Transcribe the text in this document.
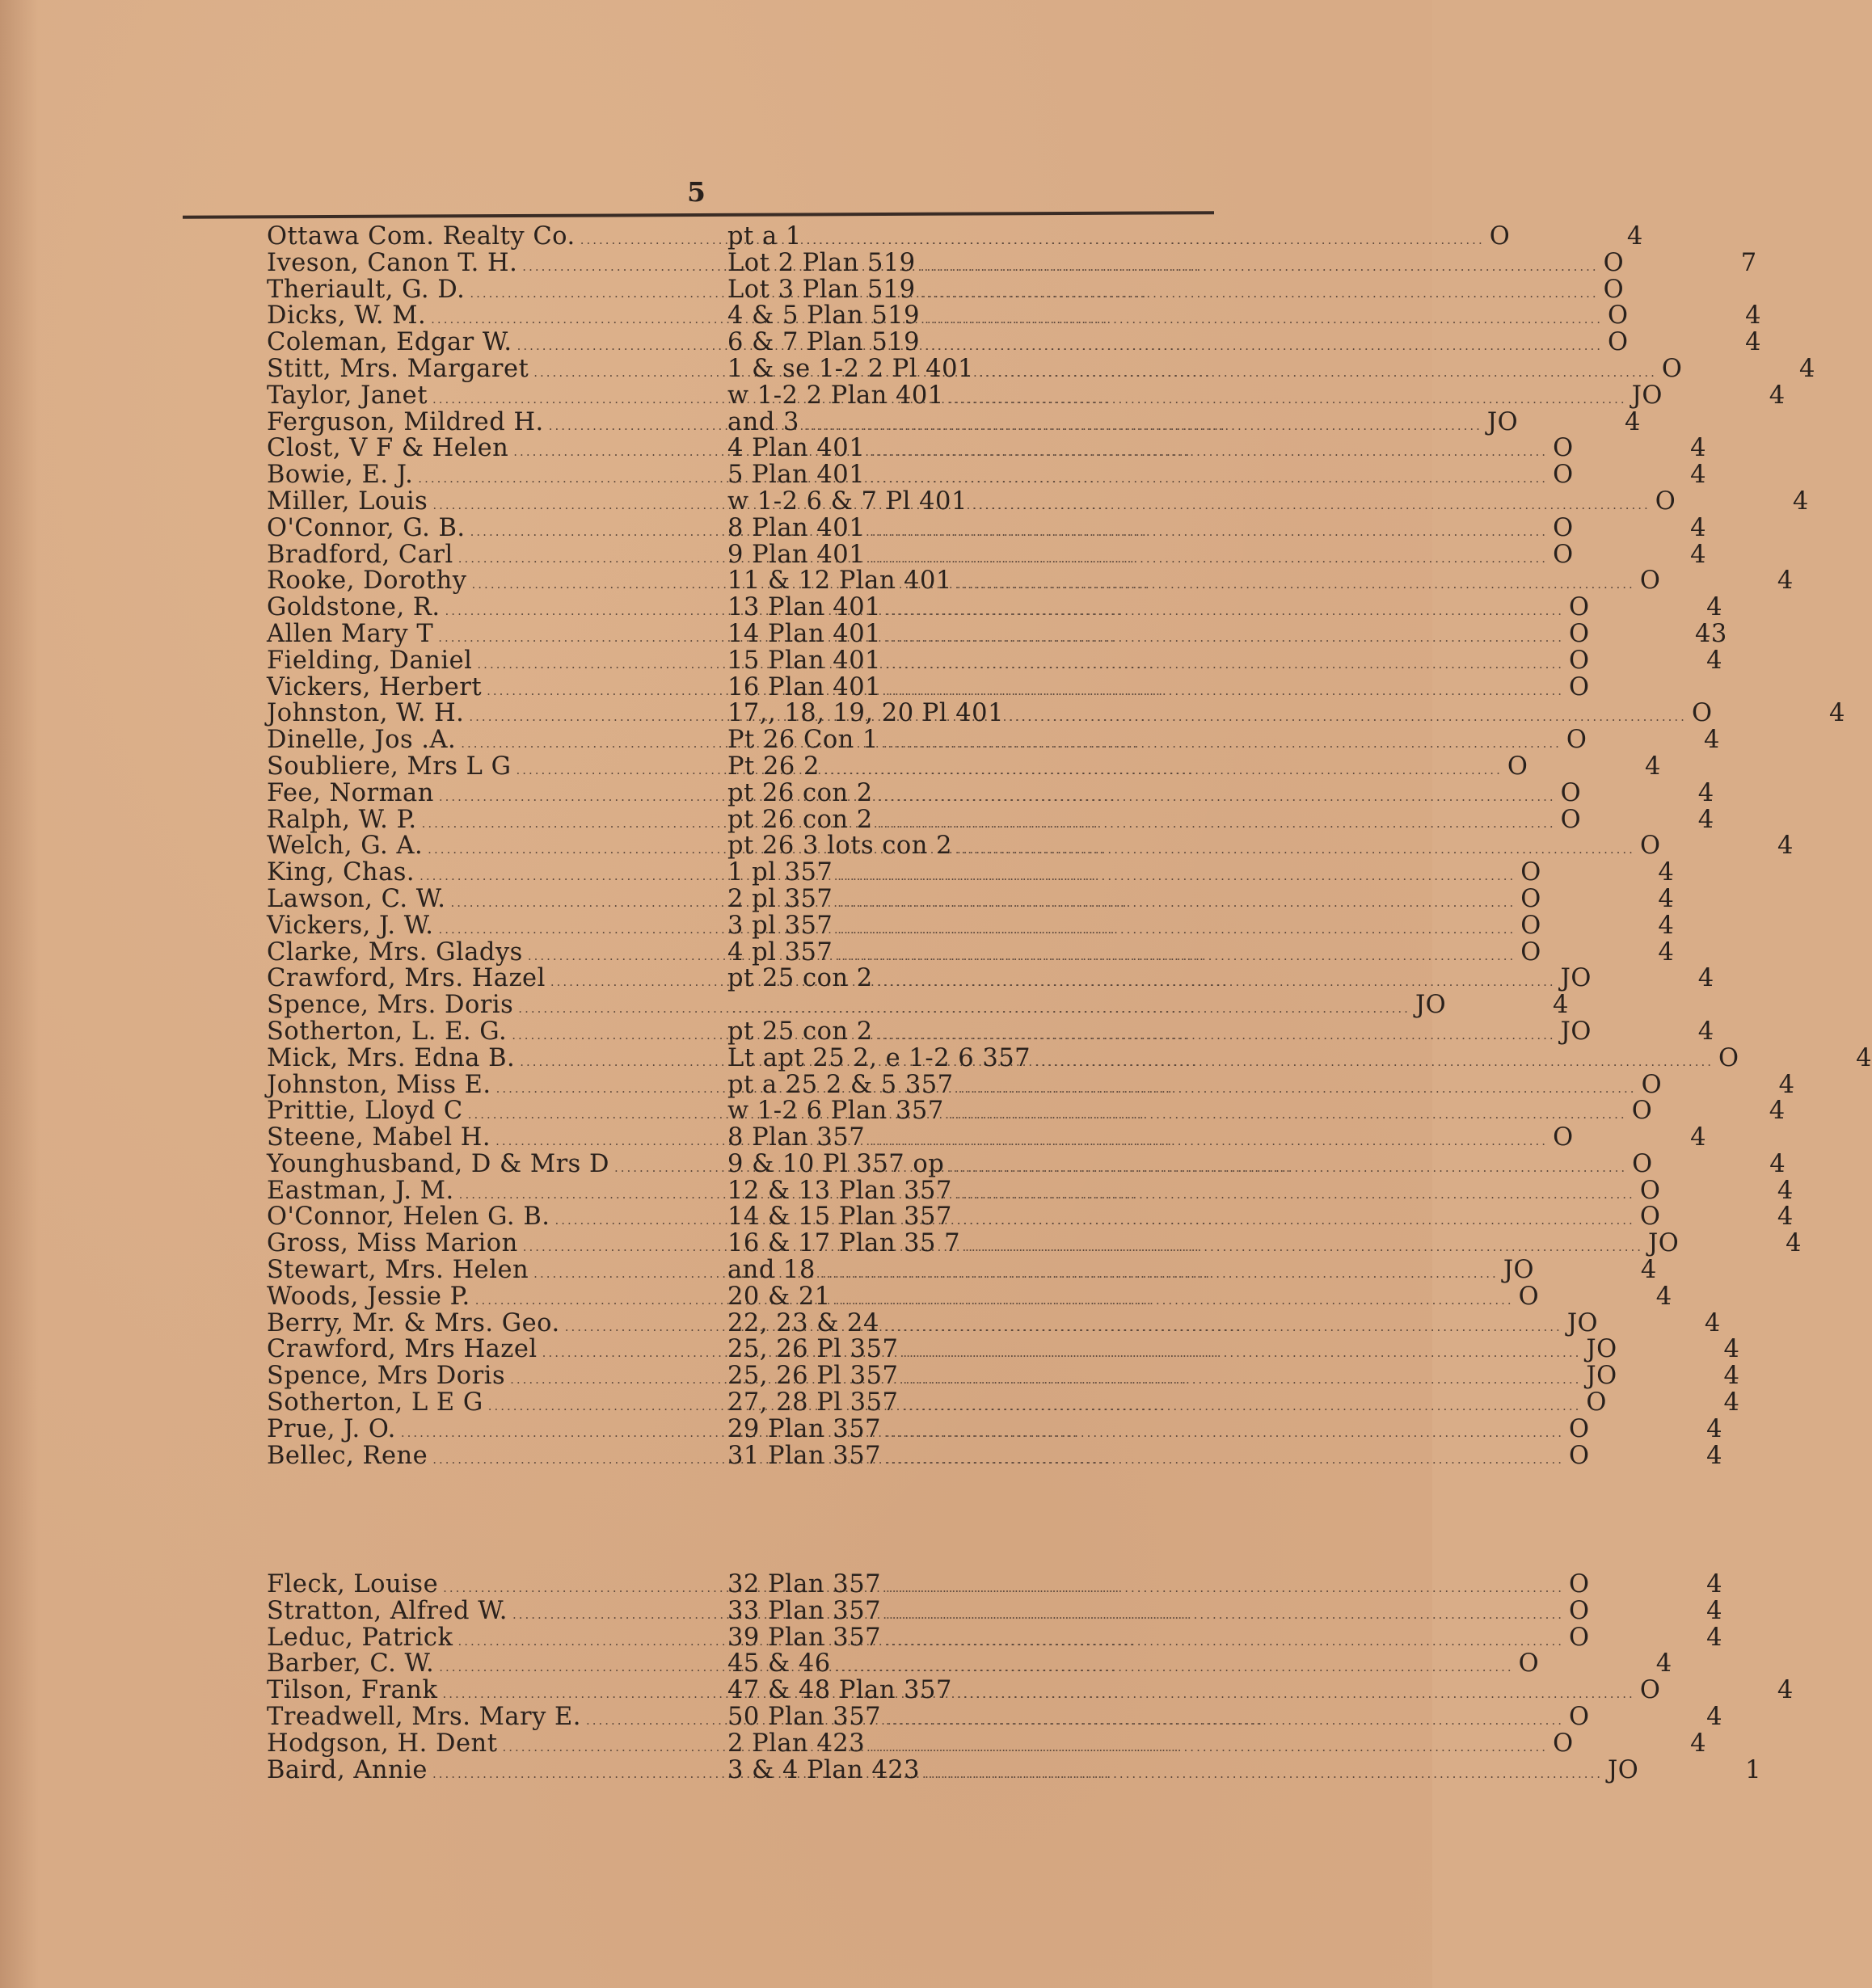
5
Ottawa Com. Realty Co. .....	pt a 1 .....	O	4
Iveson, Canon T. H. .....	Lot 2 Plan 519 .....	O	7
Theriault, G. D. .....	Lot 3 Plan 519 .....	O
Dicks, W. M. .....	4 & 5 Plan 519 .....	O	4
Coleman, Edgar W. .....	6 & 7 Plan 519 .....	O	4
Stitt, Mrs. Margaret .....	1 & se 1-2 2 Pl 401 .....	O	4
Taylor, Janet .....	w 1-2 2 Plan 401 .....	JO	4
Ferguson, Mildred H. .....	and 3 .....	JO	4
Clost, V F & Helen .....	4 Plan 401 .....	O	4
Bowie, E. J. .....	5 Plan 401 .....	O	4
Miller, Louis .....	w 1-2 6 & 7 Pl 401 .....	O	4
O'Connor, G. B. .....	8 Plan 401 .....	O	4
Bradford, Carl .....	9 Plan 401 .....	O	4
Rooke, Dorothy .....	11 & 12 Plan 401 .....	O	4
Goldstone, R. .....	13 Plan 401 .....	O	4
Allen Mary T .....	14 Plan 401 .....	O	43
Fielding, Daniel .....	15 Plan 401 .....	O	4
Vickers, Herbert .....	16 Plan 401 .....	O
Johnston, W. H. .....	17,, 18, 19, 20 Pl 401 .....	O	4
Dinelle, Jos .A. .....	Pt 26 Con 1 .....	O	4
Soubliere, Mrs L G .....	Pt 26 2 .....	O	4
Fee, Norman .....	pt 26 con 2 .....	O	4
Ralph, W. P. .....	pt 26 con 2 .....	O	4
Welch, G. A. .....	pt 26 3 lots con 2 .....	O	4
King, Chas. .....	1 pl 357 .....	O	4
Lawson, C. W. .....	2 pl 357 .....	O	4
Vickers, J. W. .....	3 pl 357 .....	O	4
Clarke, Mrs. Gladys .....	4 pl 357 .....	O	4
Crawford, Mrs. Hazel .....	pt 25 con 2 .....	JO	4
Spence, Mrs. Doris ..... .....	JO	4
Sotherton, L. E. G. .....	pt 25 con 2 .....	JO	4
Mick, Mrs. Edna B. .....	Lt apt 25 2, e 1-2 6 357 .....	O	4
Johnston, Miss E. .....	pt a 25 2 & 5 357 .....	O	4
Prittie, Lloyd C .....	w 1-2 6 Plan 357 .....	O	4
Steene, Mabel H. .....	8 Plan 357 .....	O	4
Younghusband, D & Mrs D .....	9 & 10 Pl 357 op .....	O	4
Eastman, J. M. .....	12 & 13 Plan 357 .....	O	4
O'Connor, Helen G. B. .....	14 & 15 Plan 357 .....	O	4
Gross, Miss Marion .....	16 & 17 Plan 35 7 .....	JO	4
Stewart, Mrs. Helen .....	and 18 .....	JO	4
Woods, Jessie P. .....	20 & 21 .....	O	4
Berry, Mr. & Mrs. Geo. .....	22, 23 & 24 .....	JO	4
Crawford, Mrs Hazel .....	25, 26 Pl 357 .....	JO	4
Spence, Mrs Doris .....	25, 26 Pl 357 .....	JO	4
Sotherton, L E G .....	27, 28 Pl 357 .....	O	4
Prue, J. O. .....	29 Plan 357 .....	O	4
Bellec, Rene .....	31 Plan 357 .....	O	4
Fleck, Louise .....	32 Plan 357 .....	O	4
Stratton, Alfred W. .....	33 Plan 357 .....	O	4
Leduc, Patrick .....	39 Plan 357 .....	O	4
Barber, C. W. .....	45 & 46 .....	O	4
Tilson, Frank .....	47 & 48 Plan 357 .....	O	4
Treadwell, Mrs. Mary E. .....	50 Plan 357 .....	O	4
Hodgson, H. Dent .....	2 Plan 423 .....	O	4
Baird, Annie .....	3 & 4 Plan 423 .....	JO	1
